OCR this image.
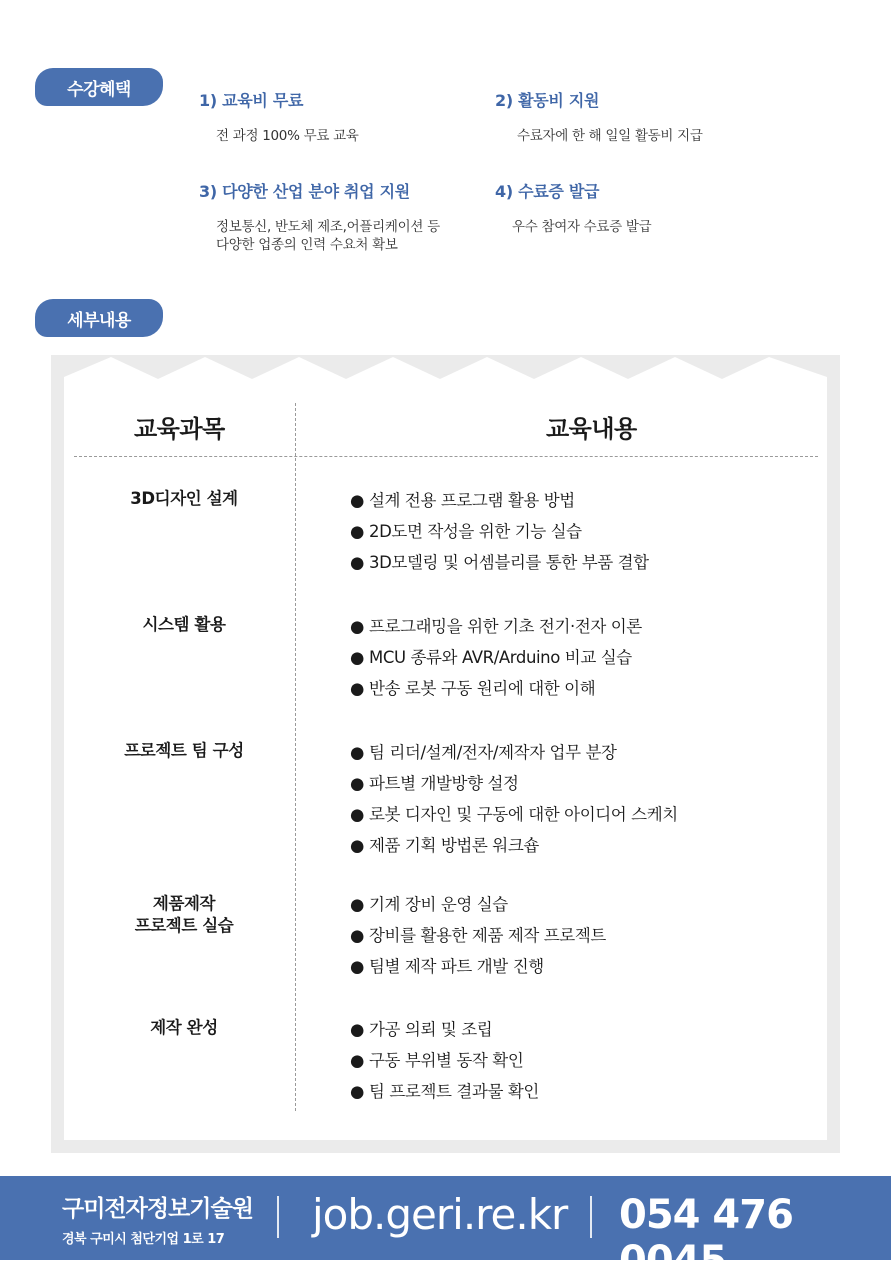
수강혜택
1) 교육비 무료
전 과정 100% 무료 교육
2) 활동비 지원
수료자에 한 해 일일 활동비 지급
3) 다양한 산업 분야 취업 지원
정보통신, 반도체 제조,어플리케이션 등
다양한 업종의 인력 수요처 확보
4) 수료증 발급
우수 참여자 수료증 발급
세부내용
교육과목	교육내용
3D디자인 설계	● 설계 전용 프로그램 활용 방법
● 2D도면 작성을 위한 기능 실습
● 3D모델링 및 어셈블리를 통한 부품 결합
시스템 활용	● 프로그래밍을 위한 기초 전기·전자 이론
● MCU 종류와 AVR/Arduino 비교 실습
● 반송 로봇 구동 원리에 대한 이해
프로젝트 팀 구성	● 팀 리더/설계/전자/제작자 업무 분장
● 파트별 개발방향 설정
● 로봇 디자인 및 구동에 대한 아이디어 스케치
● 제품 기획 방법론 워크숍
제품제작
프로젝트 실습
● 기계 장비 운영 실습
● 장비를 활용한 제품 제작 프로젝트
● 팀별 제작 파트 개발 진행
제작 완성	● 가공 의뢰 및 조립
● 구동 부위별 동작 확인
● 팀 프로젝트 결과물 확인
구미전자정보기술원
경북 구미시 첨단기업 1로 17
job.geri.re.kr 054 476 0045
